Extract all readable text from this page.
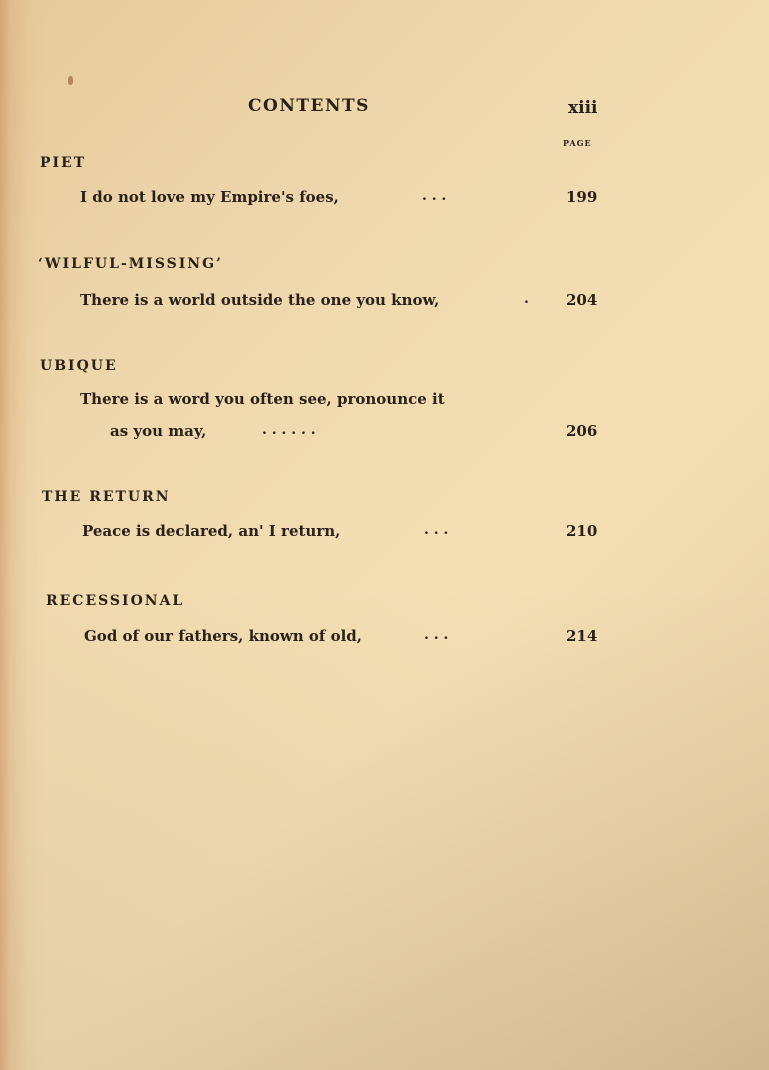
CONTENTS	xiii
PAGE
PIET
I do not love my Empire's foes,	. . .	199
‘WILFUL-MISSING’
There is a world outside the one you know,	. 204
UBIQUE
There is a word you often see, pronounce it
as you may,	. . . . . .	206
THE RETURN
Peace is declared, an' I return,	. . .	210
RECESSIONAL
God of our fathers, known of old,	. . .	214
